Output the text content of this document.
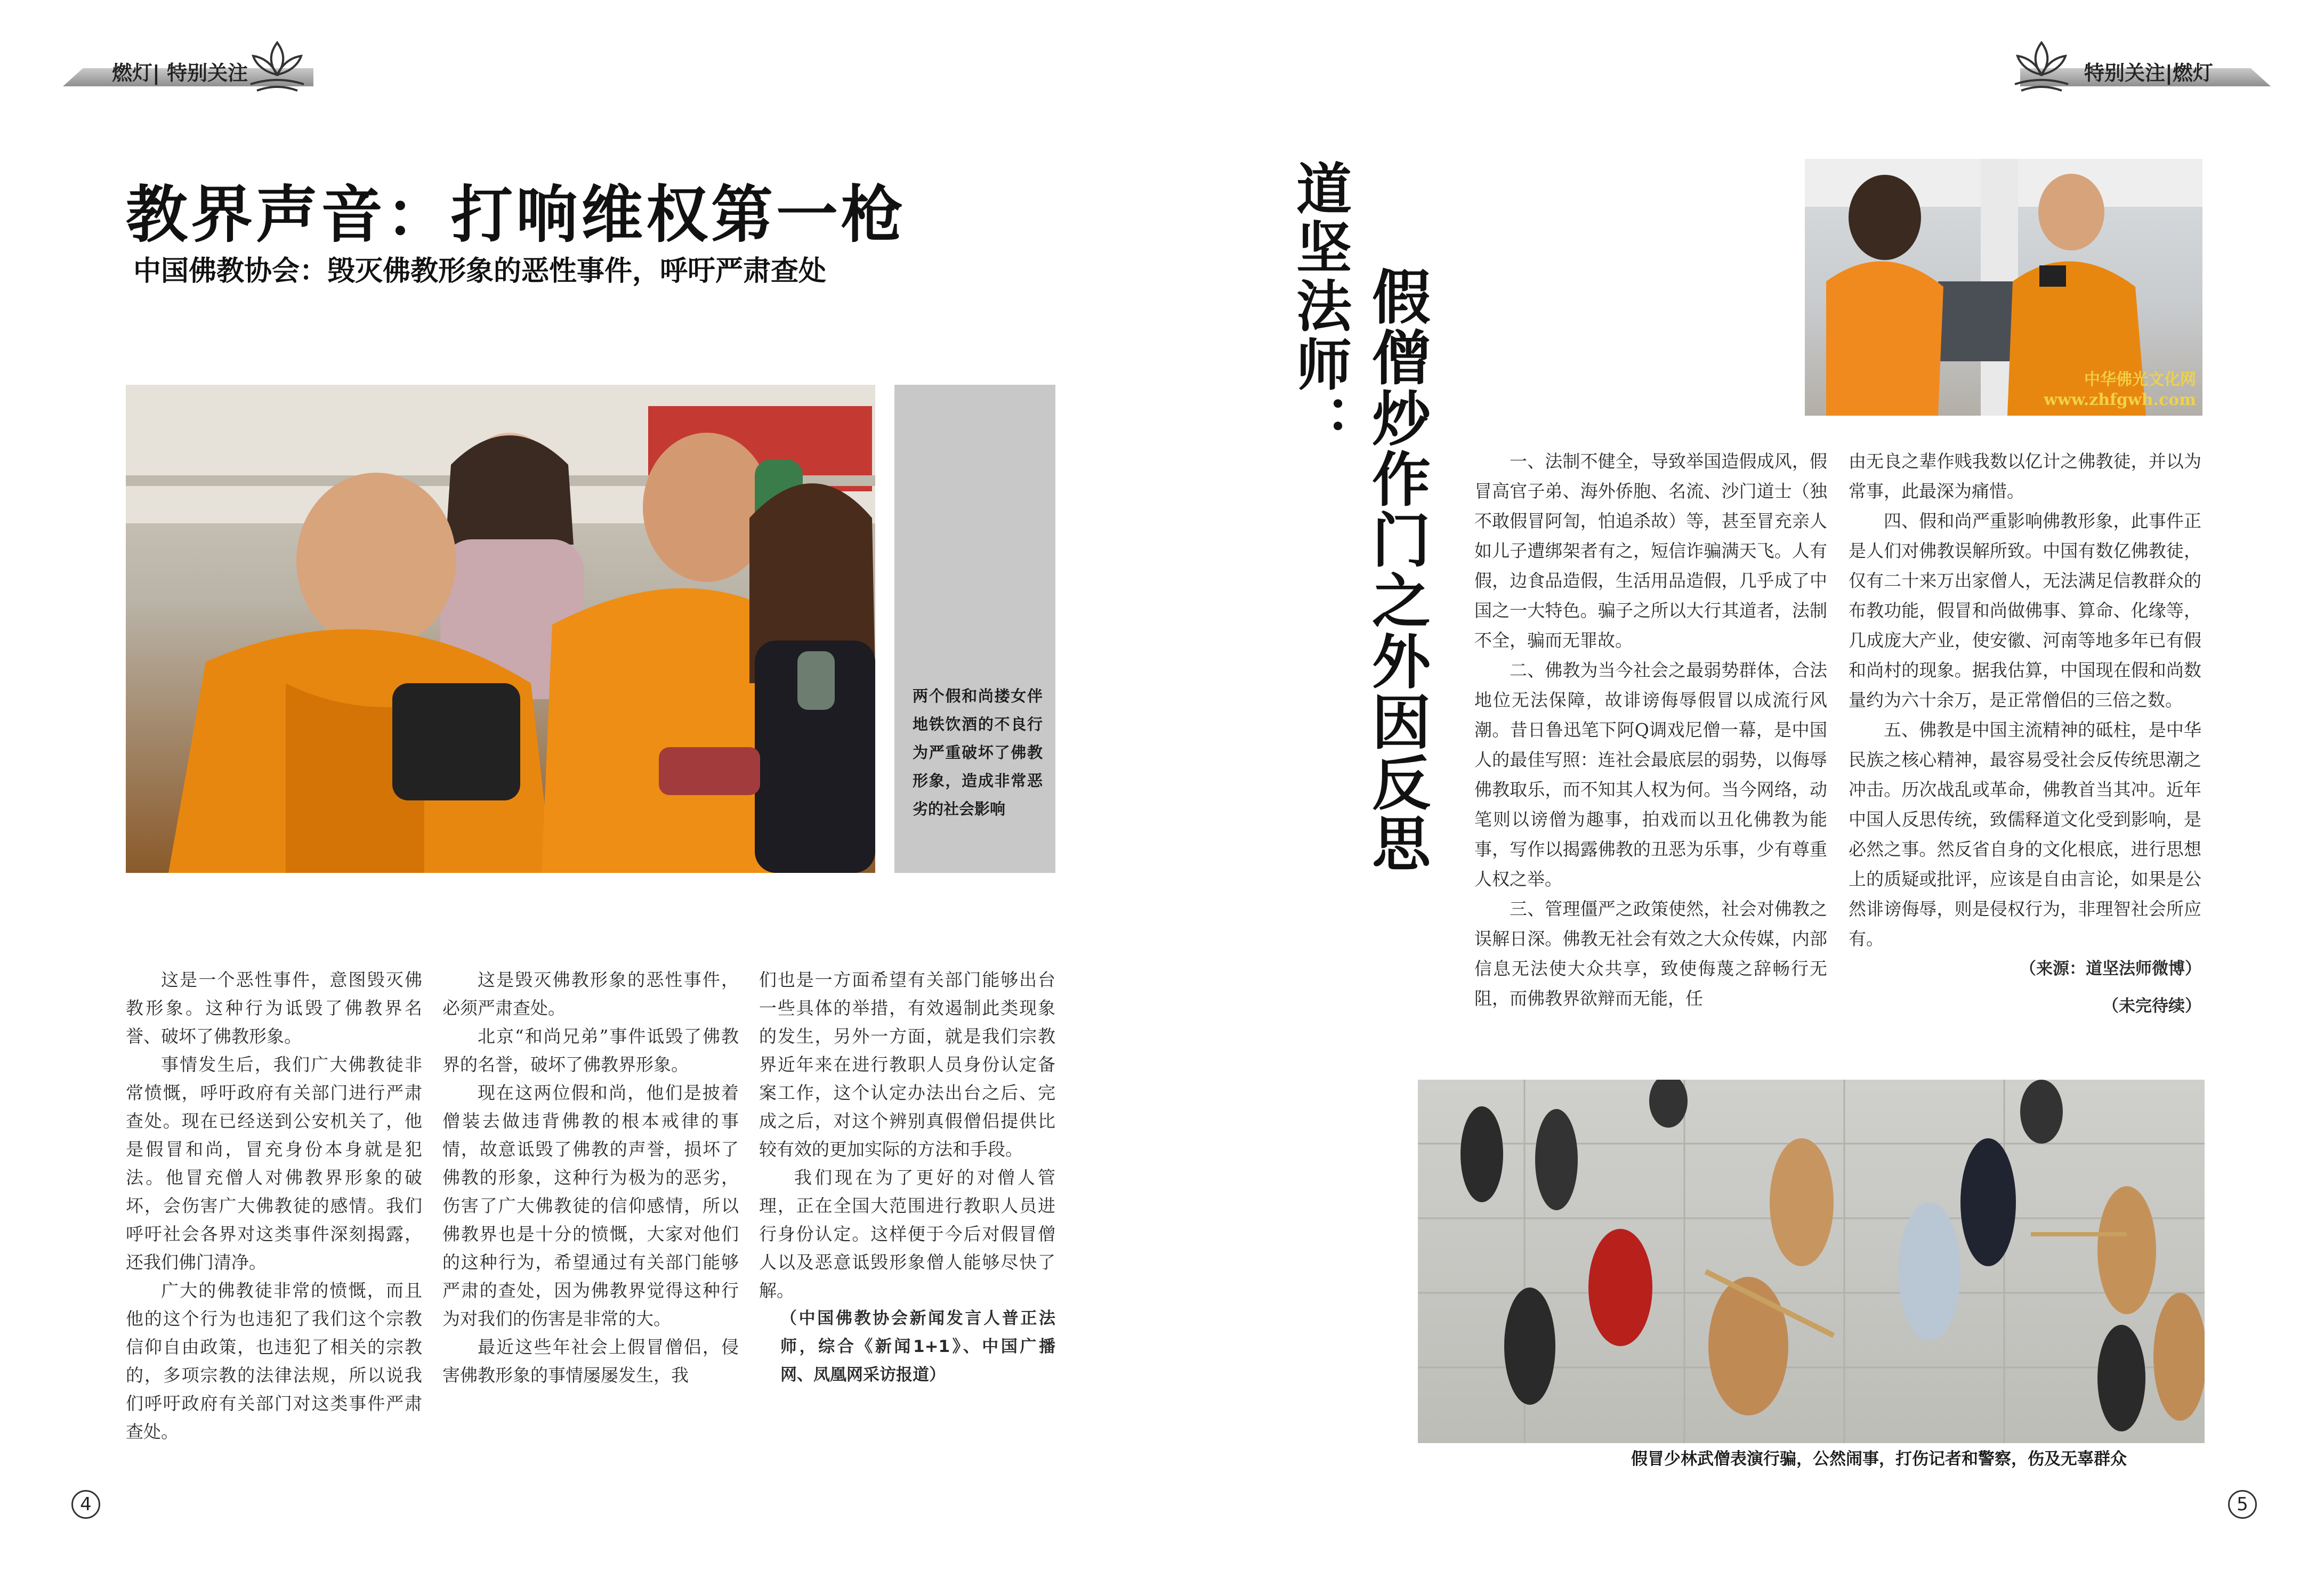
燃灯| 特别关注	特别关注|燃灯
教界声音：打响维权第一枪
中国佛教协会：毁灭佛教形象的恶性事件，呼吁严肃查处
两个假和尚搂女伴地铁饮酒的不良行为严重破坏了佛教形象，造成非常恶劣的社会影响

这是一个恶性事件，意图毁灭佛教形象。这种行为诋毁了佛教界名誉、破坏了佛教形象。

事情发生后，我们广大佛教徒非常愤慨，呼吁政府有关部门进行严肃查处。现在已经送到公安机关了，他是假冒和尚，冒充身份本身就是犯法。他冒充僧人对佛教界形象的破坏，会伤害广大佛教徒的感情。我们呼吁社会各界对这类事件深刻揭露，还我们佛门清净。

广大的佛教徒非常的愤慨，而且他的这个行为也违犯了我们这个宗教信仰自由政策，也违犯了相关的宗教的，多项宗教的法律法规，所以说我们呼吁政府有关部门对这类事件严肃查处。

这是毁灭佛教形象的恶性事件，必须严肃查处。

北京“和尚兄弟”事件诋毁了佛教界的名誉，破坏了佛教界形象。

现在这两位假和尚，他们是披着僧装去做违背佛教的根本戒律的事情，故意诋毁了佛教的声誉，损坏了佛教的形象，这种行为极为的恶劣，伤害了广大佛教徒的信仰感情，所以佛教界也是十分的愤慨，大家对他们的这种行为，希望通过有关部门能够严肃的查处，因为佛教界觉得这种行为对我们的伤害是非常的大。

最近这些年社会上假冒僧侣，侵害佛教形象的事情屡屡发生，我

们也是一方面希望有关部门能够出台一些具体的举措，有效遏制此类现象的发生，另外一方面，就是我们宗教界近年来在进行教职人员身份认定备案工作，这个认定办法出台之后、完成之后，对这个辨别真假僧侣提供比较有效的更加实际的方法和手段。

我们现在为了更好的对僧人管理，正在全国大范围进行教职人员进行身份认定。这样便于今后对假冒僧人以及恶意诋毁形象僧人能够尽快了解。

（中国佛教协会新闻发言人普正法师，综合《新闻1+1》、中国广播网、凤凰网采访报道）

4
道坚法师： 假僧炒作门之外因反思	中华佛光文化网 www.zhfgwh.com

一、法制不健全，导致举国造假成风，假冒高官子弟、海外侨胞、名流、沙门道士（独不敢假冒阿訇，怕追杀故）等，甚至冒充亲人如儿子遭绑架者有之，短信诈骗满天飞。人有假，边食品造假，生活用品造假，几乎成了中国之一大特色。骗子之所以大行其道者，法制不全，骗而无罪故。

二、佛教为当今社会之最弱势群体，合法地位无法保障，故诽谤侮辱假冒以成流行风潮。昔日鲁迅笔下阿Q调戏尼僧一幕，是中国人的最佳写照：连社会最底层的弱势，以侮辱佛教取乐，而不知其人权为何。当今网络，动笔则以谤僧为趣事，拍戏而以丑化佛教为能事，写作以揭露佛教的丑恶为乐事，少有尊重人权之举。

三、管理僵严之政策使然，社会对佛教之误解日深。佛教无社会有效之大众传媒，内部信息无法使大众共享，致使侮蔑之辞畅行无阻，而佛教界欲辩而无能，任

由无良之辈作贱我数以亿计之佛教徒，并以为常事，此最深为痛惜。

四、假和尚严重影响佛教形象，此事件正是人们对佛教误解所致。中国有数亿佛教徒，仅有二十来万出家僧人，无法满足信教群众的布教功能，假冒和尚做佛事、算命、化缘等，几成庞大产业，使安徽、河南等地多年已有假和尚村的现象。据我估算，中国现在假和尚数量约为六十余万，是正常僧侣的三倍之数。

五、佛教是中国主流精神的砥柱，是中华民族之核心精神，最容易受社会反传统思潮之冲击。历次战乱或革命，佛教首当其冲。近年中国人反思传统，致儒释道文化受到影响，是必然之事。然反省自身的文化根底，进行思想上的质疑或批评，应该是自由言论，如果是公然诽谤侮辱，则是侵权行为，非理智社会所应有。

（来源：道坚法师微博）

（未完待续）

假冒少林武僧表演行骗，公然闹事，打伤记者和警察，伤及无辜群众
5
